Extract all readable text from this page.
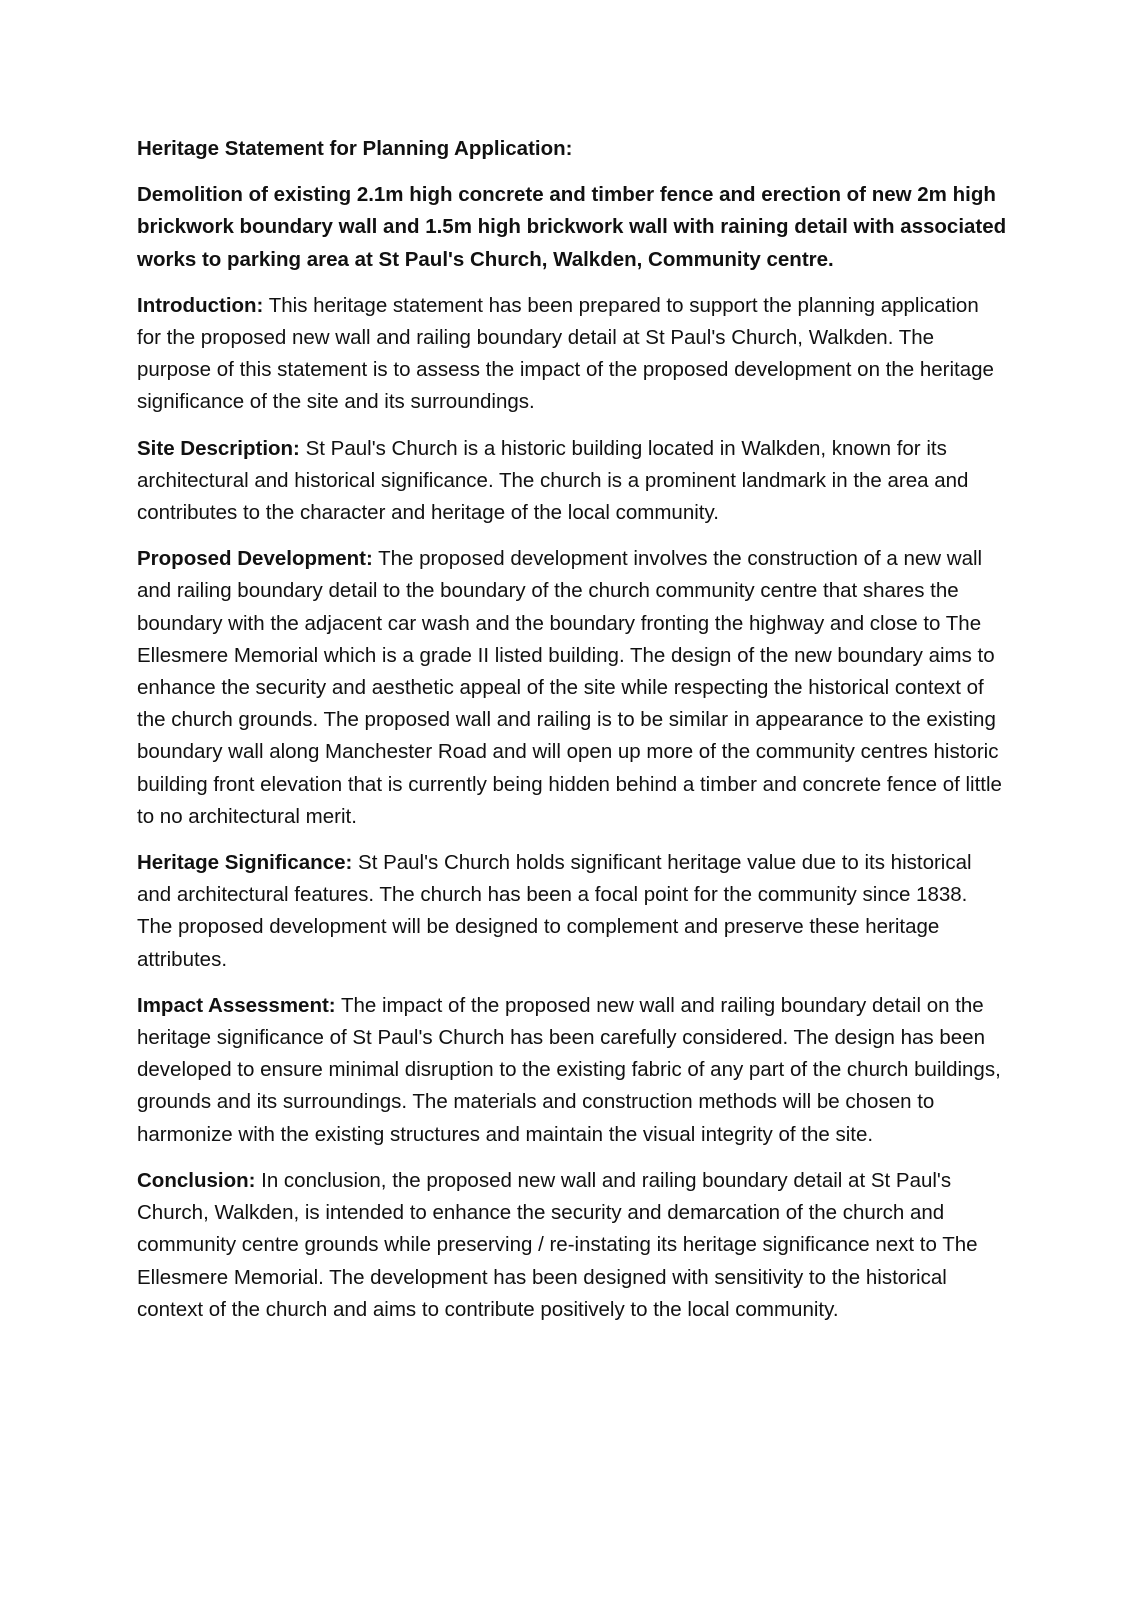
Heritage Statement for Planning Application:

Demolition of existing 2.1m high concrete and timber fence and erection of new 2m high brickwork boundary wall and 1.5m high brickwork wall with raining detail with associated works to parking area at St Paul's Church, Walkden, Community centre.

Introduction: This heritage statement has been prepared to support the planning application for the proposed new wall and railing boundary detail at St Paul's Church, Walkden. The purpose of this statement is to assess the impact of the proposed development on the heritage significance of the site and its surroundings.

Site Description: St Paul's Church is a historic building located in Walkden, known for its architectural and historical significance. The church is a prominent landmark in the area and contributes to the character and heritage of the local community.

Proposed Development: The proposed development involves the construction of a new wall and railing boundary detail to the boundary of the church community centre that shares the boundary with the adjacent car wash and the boundary fronting the highway and close to The Ellesmere Memorial which is a grade II listed building. The design of the new boundary aims to enhance the security and aesthetic appeal of the site while respecting the historical context of the church grounds. The proposed wall and railing is to be similar in appearance to the existing boundary wall along Manchester Road and will open up more of the community centres historic building front elevation that is currently being hidden behind a timber and concrete fence of little to no architectural merit.

Heritage Significance: St Paul's Church holds significant heritage value due to its historical and architectural features. The church has been a focal point for the community since 1838. The proposed development will be designed to complement and preserve these heritage attributes.

Impact Assessment: The impact of the proposed new wall and railing boundary detail on the heritage significance of St Paul's Church has been carefully considered. The design has been developed to ensure minimal disruption to the existing fabric of any part of the church buildings, grounds and its surroundings. The materials and construction methods will be chosen to harmonize with the existing structures and maintain the visual integrity of the site.

Conclusion: In conclusion, the proposed new wall and railing boundary detail at St Paul's Church, Walkden, is intended to enhance the security and demarcation of the church and community centre grounds while preserving / re-instating its heritage significance next to The Ellesmere Memorial. The development has been designed with sensitivity to the historical context of the church and aims to contribute positively to the local community.
